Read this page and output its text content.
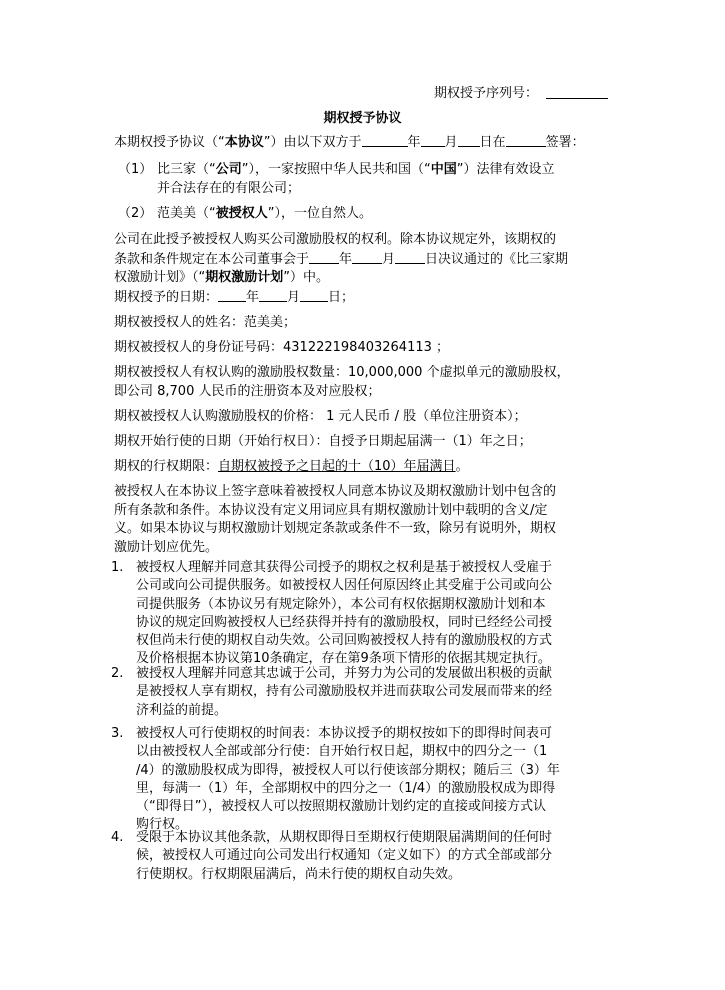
期权授予序列号：
期权授予协议
本期权授予协议（“本协议”）由以下双方于	年 月 日在	签署：
（1） 比三家（“公司”），一家按照中华人民共和国（“中国”）法律有效设立
并合法存在的有限公司；
（2） 范美美（“被授权人”），一位自然人。
公司在此授予被授权人购买公司激励股权的权利。除本协议规定外，该期权的
条款和条件规定在本公司董事会于 年 月 日决议通过的《比三家期
权激励计划》（“期权激励计划”）中。
期权授予的日期： 年 月 日；
期权被授权人的姓名：范美美；
期权被授权人的身份证号码：431222198403264113 ；
期权被授权人有权认购的激励股权数量：10,000,000 个虚拟单元的激励股权，
即公司 8,700 人民币的注册资本及对应股权；
期权被授权人认购激励股权的价格： 1 元人民币 / 股（单位注册资本）；
期权开始行使的日期（开始行权日）：自授予日期起届满一（1）年之日；
期权的行权期限：自期权被授予之日起的十（10）年届满日。
被授权人在本协议上签字意味着被授权人同意本协议及期权激励计划中包含的
所有条款和条件。本协议没有定义用词应具有期权激励计划中载明的含义/定
义。如果本协议与期权激励计划规定条款或条件不一致，除另有说明外，期权
激励计划应优先。
1. 被授权人理解并同意其获得公司授予的期权之权利是基于被授权人受雇于
公司或向公司提供服务。如被授权人因任何原因终止其受雇于公司或向公
司提供服务（本协议另有规定除外），本公司有权依据期权激励计划和本
协议的规定回购被授权人已经获得并持有的激励股权，同时已经经公司授
权但尚未行使的期权自动失效。公司回购被授权人持有的激励股权的方式
及价格根据本协议第10条确定，存在第9条项下情形的依据其规定执行。
2. 被授权人理解并同意其忠诚于公司，并努力为公司的发展做出积极的贡献
是被授权人享有期权，持有公司激励股权并进而获取公司发展而带来的经
济利益的前提。
3. 被授权人可行使期权的时间表：本协议授予的期权按如下的即得时间表可
以由被授权人全部或部分行使：自开始行权日起，期权中的四分之一（1
/4）的激励股权成为即得，被授权人可以行使该部分期权；随后三（3）年
里，每满一（1）年，全部期权中的四分之一（1/4）的激励股权成为即得
（“即得日”），被授权人可以按照期权激励计划约定的直接或间接方式认
购行权。
4. 受限于本协议其他条款，从期权即得日至期权行使期限届满期间的任何时
候，被授权人可通过向公司发出行权通知（定义如下）的方式全部或部分
行使期权。行权期限届满后，尚未行使的期权自动失效。
